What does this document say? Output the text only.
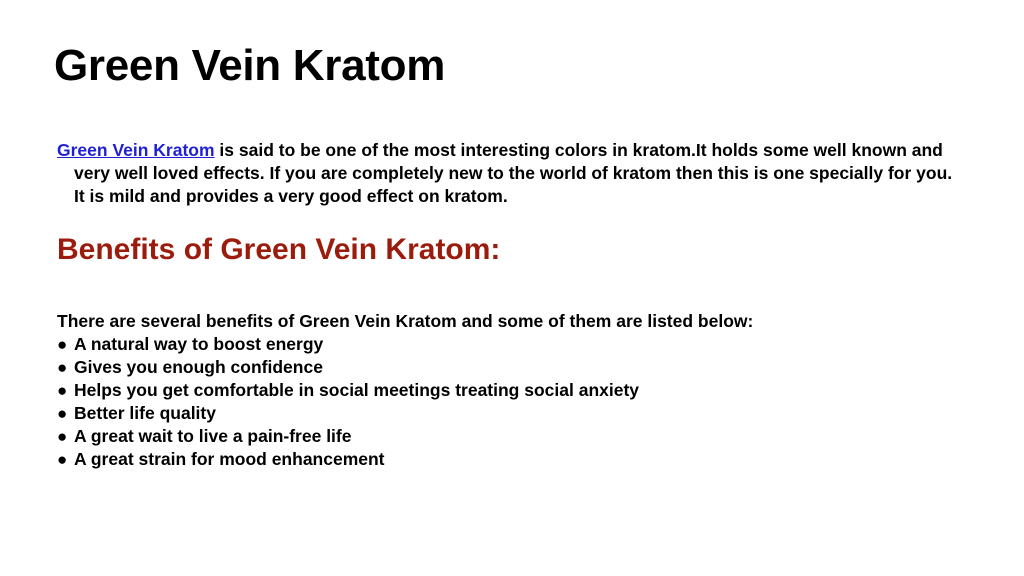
Green Vein Kratom

Green Vein Kratom is said to be one of the most interesting colors in kratom.It holds some well known and very well loved effects. If you are completely new to the world of kratom then this is one specially for you. It is mild and provides a very good effect on kratom.

Benefits of Green Vein Kratom:

There are several benefits of Green Vein Kratom and some of them are listed below:

● A natural way to boost energy
● Gives you enough confidence
● Helps you get comfortable in social meetings treating social anxiety
● Better life quality
● A great wait to live a pain-free life
● A great strain for mood enhancement
